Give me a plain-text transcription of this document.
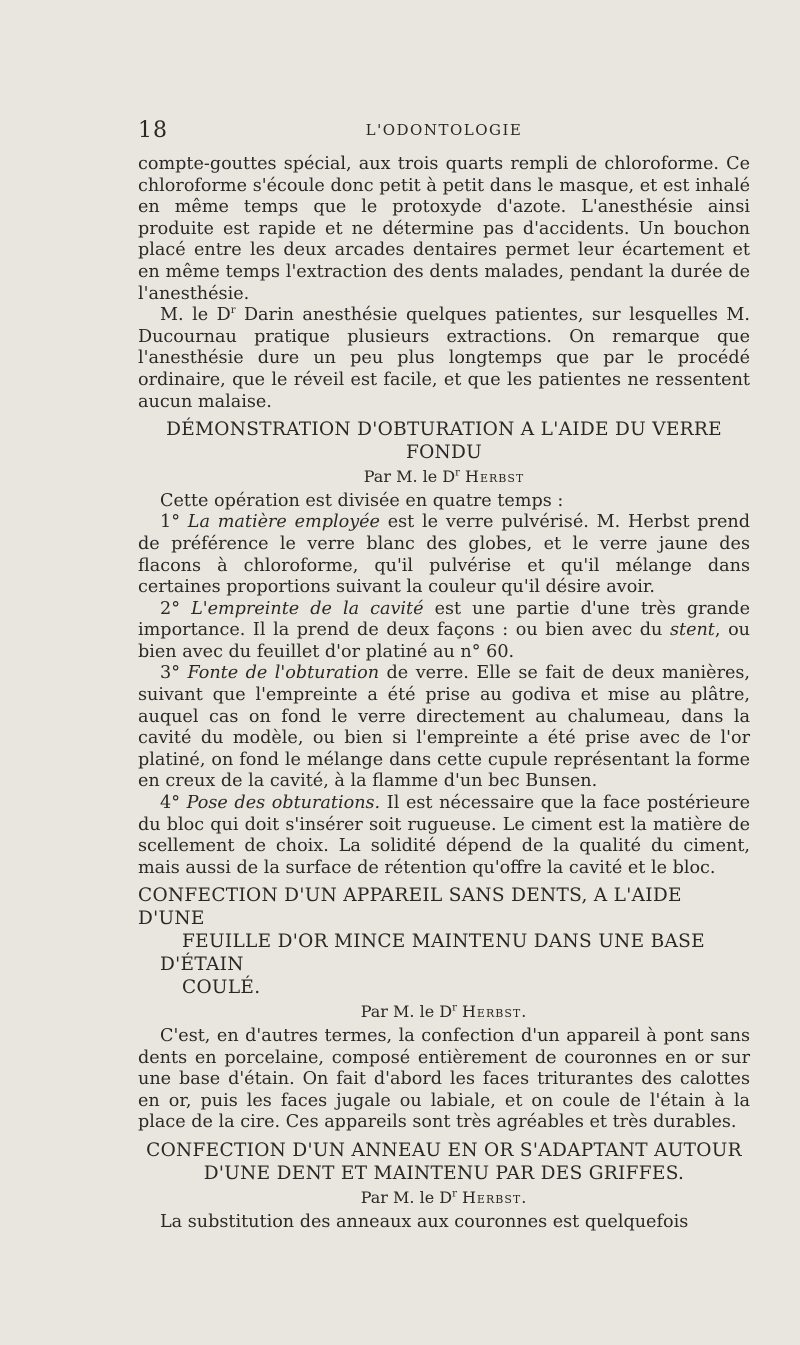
18	L'ODONTOLOGIE

compte-gouttes spécial, aux trois quarts rempli de chloroforme. Ce chloroforme s'écoule donc petit à petit dans le masque, et est inhalé en même temps que le protoxyde d'azote. L'anesthésie ainsi produite est rapide et ne détermine pas d'accidents. Un bouchon placé entre les deux arcades dentaires permet leur écartement et en même temps l'extraction des dents malades, pendant la durée de l'anesthésie.

M. le $D^r$ Darin anesthésie quelques patientes, sur lesquelles M. Ducournau pratique plusieurs extractions. On remarque que l'anesthésie dure un peu plus longtemps que par le procédé ordinaire, que le réveil est facile, et que les patientes ne ressentent aucun malaise.

DÉMONSTRATION D'OBTURATION A L'AIDE DU VERRE FONDU
Par M. le $D^r$ Herbst

Cette opération est divisée en quatre temps :

1° La matière employée est le verre pulvérisé. M. Herbst prend de préférence le verre blanc des globes, et le verre jaune des flacons à chloroforme, qu'il pulvérise et qu'il mélange dans certaines proportions suivant la couleur qu'il désire avoir.

2° L'empreinte de la cavité est une partie d'une très grande importance. Il la prend de deux façons : ou bien avec du stent, ou bien avec du feuillet d'or platiné au n° 60.

3° Fonte de l'obturation de verre. Elle se fait de deux manières, suivant que l'empreinte a été prise au godiva et mise au plâtre, auquel cas on fond le verre directement au chalumeau, dans la cavité du modèle, ou bien si l'empreinte a été prise avec de l'or platiné, on fond le mélange dans cette cupule représentant la forme en creux de la cavité, à la flamme d'un bec Bunsen.

4° Pose des obturations. Il est nécessaire que la face postérieure du bloc qui doit s'insérer soit rugueuse. Le ciment est la matière de scellement de choix. La solidité dépend de la qualité du ciment, mais aussi de la surface de rétention qu'offre la cavité et le bloc.

CONFECTION D'UN APPAREIL SANS DENTS, A L'AIDE D'UNE
FEUILLE D'OR MINCE MAINTENU DANS UNE BASE D'ÉTAIN
COULÉ.
Par M. le $D^r$ Herbst.

C'est, en d'autres termes, la confection d'un appareil à pont sans dents en porcelaine, composé entièrement de couronnes en or sur une base d'étain. On fait d'abord les faces triturantes des calottes en or, puis les faces jugale ou labiale, et on coule de l'étain à la place de la cire. Ces appareils sont très agréables et très durables.

CONFECTION D'UN ANNEAU EN OR S'ADAPTANT AUTOUR
D'UNE DENT ET MAINTENU PAR DES GRIFFES.
Par M. le $D^r$ Herbst.

La substitution des anneaux aux couronnes est quelquefois
